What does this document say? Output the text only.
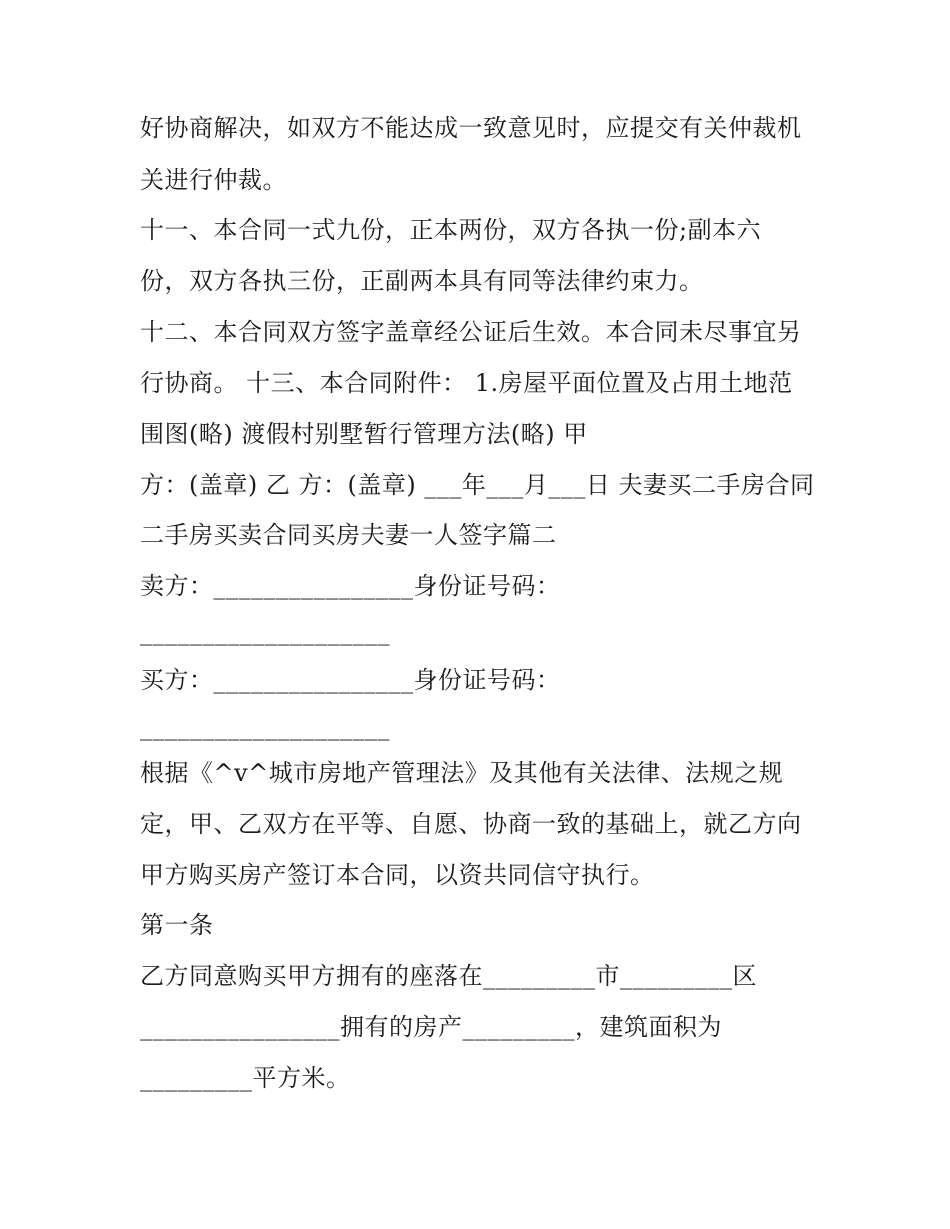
好协商解决，如双方不能达成一致意见时，应提交有关仲裁机
关进行仲裁。
十一、本合同一式九份，正本两份，双方各执一份;副本六
份，双方各执三份，正副两本具有同等法律约束力。
十二、本合同双方签字盖章经公证后生效。本合同未尽事宜另
行协商。 十三、本合同附件： 1.房屋平面位置及占用土地范
围图(略) 渡假村别墅暂行管理方法(略) 甲
方：(盖章) 乙 方：(盖章) ___年___月___日 夫妻买二手房合同
二手房买卖合同买房夫妻一人签字篇二
卖方：________________身份证号码：
____________________
买方：________________身份证号码：
____________________
根据《^v^城市房地产管理法》及其他有关法律、法规之规
定，甲、乙双方在平等、自愿、协商一致的基础上，就乙方向
甲方购买房产签订本合同，以资共同信守执行。
第一条
乙方同意购买甲方拥有的座落在_________市_________区
________________拥有的房产_________，建筑面积为
_________平方米。
